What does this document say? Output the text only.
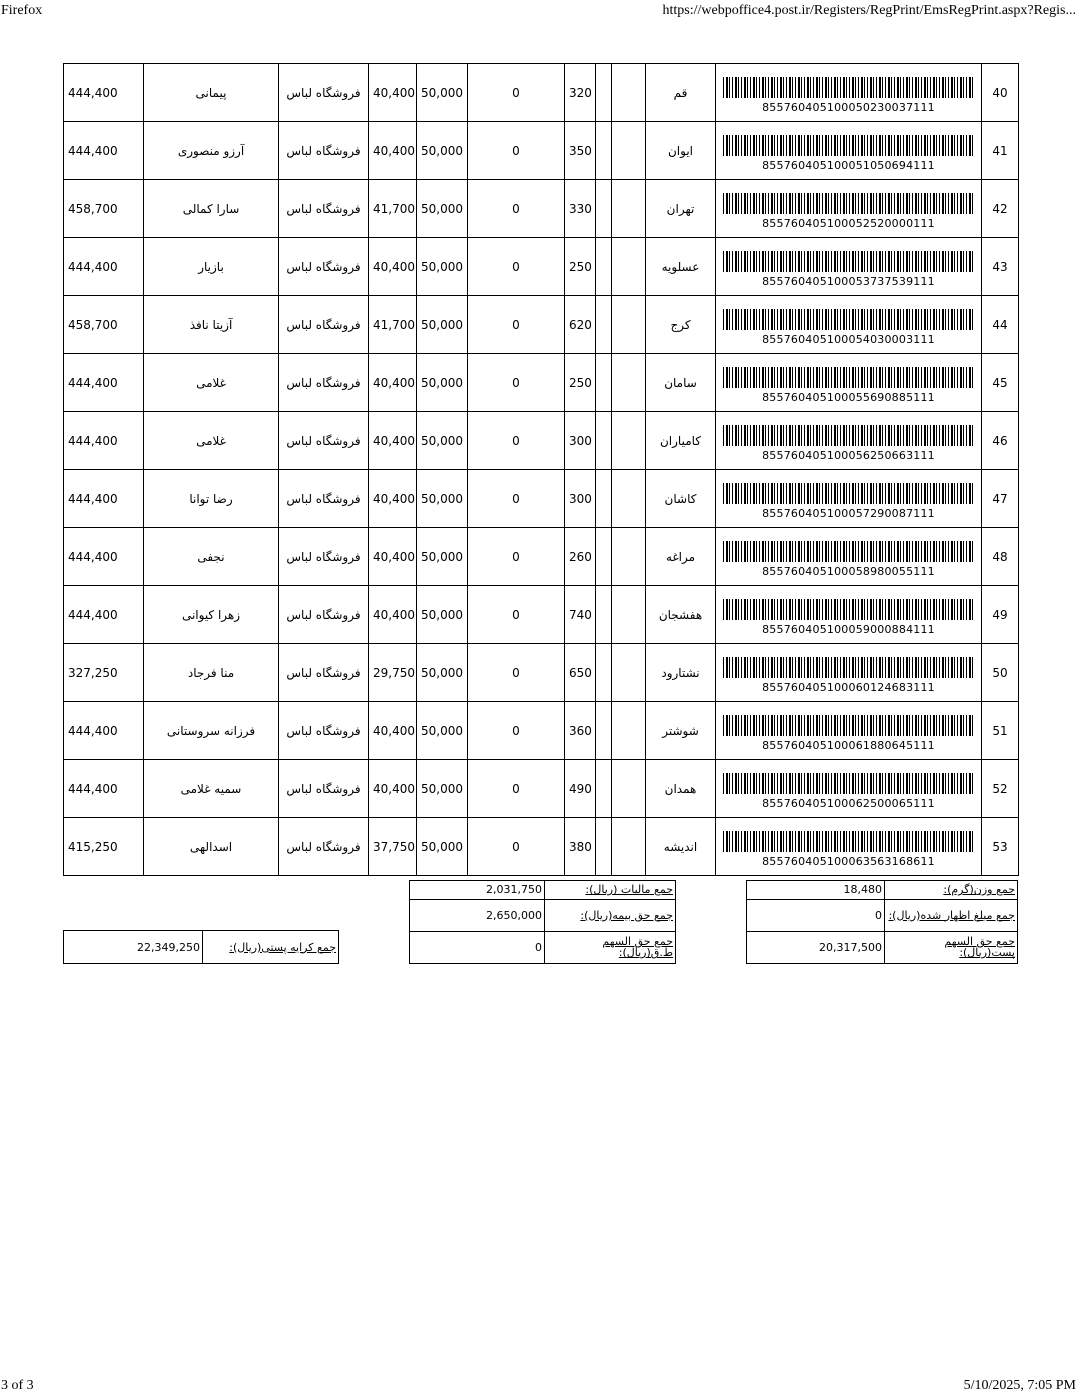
Firefox	https://webpoffice4.post.ir/Registers/RegPrint/EmsRegPrint.aspx?Regis...
444,400	پیمانی	فروشگاه لباس	40,400	50,000	0	320			قم	8557604051000502300371​11	40
444,400	آرزو منصوری	فروشگاه لباس	40,400	50,000	0	350			ایوان	8557604051000510506941​11	41
458,700	سارا کمالی	فروشگاه لباس	41,700	50,000	0	330			تهران	8557604051000525200001​11	42
444,400	بازیار	فروشگاه لباس	40,400	50,000	0	250			عسلویه	8557604051000537375391​11	43
458,700	آزیتا نافذ	فروشگاه لباس	41,700	50,000	0	620			کرج	8557604051000540300031​11	44
444,400	غلامی	فروشگاه لباس	40,400	50,000	0	250			سامان	8557604051000556908851​11	45
444,400	غلامی	فروشگاه لباس	40,400	50,000	0	300			کامیاران	8557604051000562506631​11	46
444,400	رضا توانا	فروشگاه لباس	40,400	50,000	0	300			کاشان	8557604051000572900871​11	47
444,400	نجفی	فروشگاه لباس	40,400	50,000	0	260			مراغه	8557604051000589800551​11	48
444,400	زهرا کیوانی	فروشگاه لباس	40,400	50,000	0	740			هفشجان	8557604051000590008841​11	49
327,250	منا فرجاد	فروشگاه لباس	29,750	50,000	0	650			نشتارود	8557604051000601246831​11	50
444,400	فرزانه سروستانی	فروشگاه لباس	40,400	50,000	0	360			شوشتر	8557604051000618806451​11	51
444,400	سمیه غلامی	فروشگاه لباس	40,400	50,000	0	490			همدان	8557604051000625000651​11	52
415,250	اسدالهی	فروشگاه لباس	37,750	50,000	0	380			اندیشه	8557604051000635631686​11	53
22,349,250	جمع کرایه پستی(ریال):
2,031,750	جمع مالیات (ریال):
2,650,000	جمع حق بیمه(ریال):
0	جمع حق السهم ط.ق(ریال):
18,480	جمع وزن(گرم):
0	جمع مبلغ اظهار شده(ریال):
20,317,500	جمع حق السهم پست(ریال):
3 of 3	5/10/2025, 7:05 PM
